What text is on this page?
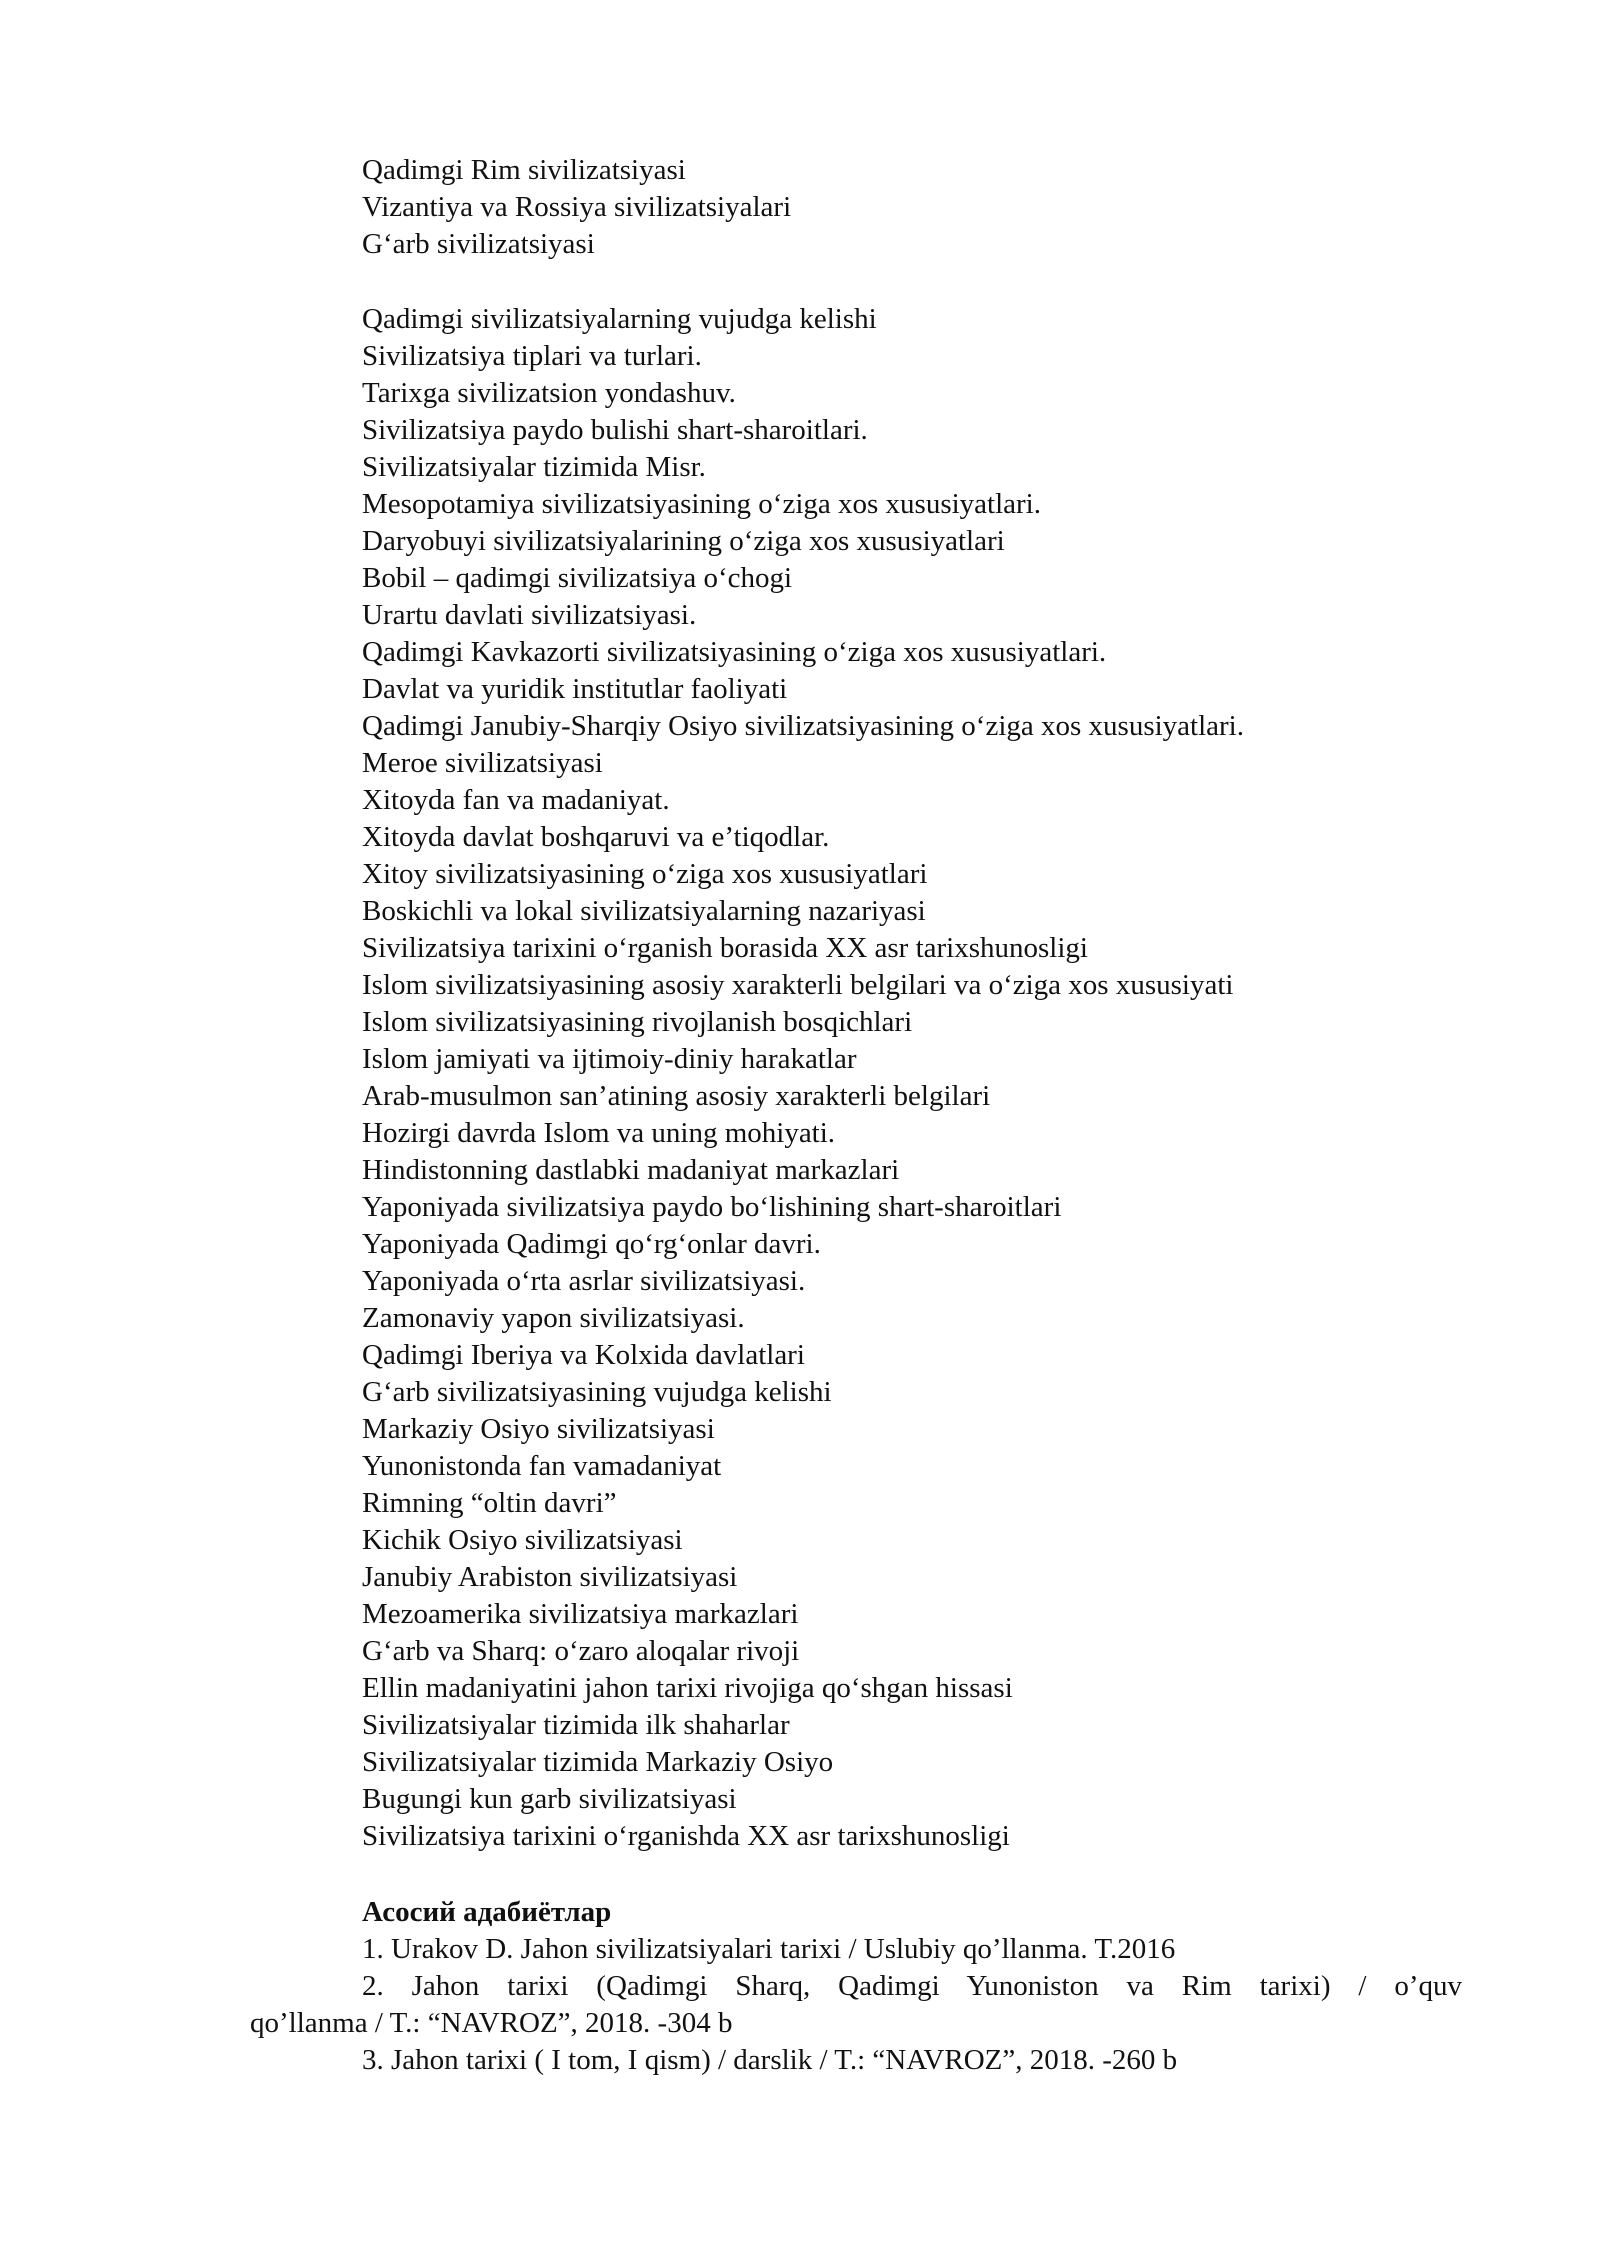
Qadimgi Rim sivilizatsiyasi
Vizantiya va Rossiya sivilizatsiyalari
G‘arb sivilizatsiyasi
Qadimgi sivilizatsiyalarning vujudga kelishi
Sivilizatsiya tiplari va turlari.
Tarixga sivilizatsion yondashuv.
Sivilizatsiya paydo bulishi shart-sharoitlari.
Sivilizatsiyalar tizimida Misr.
Mesopotamiya sivilizatsiyasining o‘ziga xos xususiyatlari.
Daryobuyi sivilizatsiyalarining o‘ziga xos xususiyatlari
Bobil – qadimgi sivilizatsiya o‘chogi
Urartu davlati sivilizatsiyasi.
Qadimgi Kavkazorti sivilizatsiyasining o‘ziga xos xususiyatlari.
Davlat va yuridik institutlar faoliyati
Qadimgi Janubiy-Sharqiy Osiyo sivilizatsiyasining o‘ziga xos xususiyatlari.
Meroe sivilizatsiyasi
Xitoyda fan va madaniyat.
Xitoyda davlat boshqaruvi va e’tiqodlar.
Xitoy sivilizatsiyasining o‘ziga xos xususiyatlari
Boskichli va lokal sivilizatsiyalarning nazariyasi
Sivilizatsiya tarixini o‘rganish borasida XX asr tarixshunosligi
Islom sivilizatsiyasining asosiy xarakterli belgilari va o‘ziga xos xususiyati
Islom sivilizatsiyasining rivojlanish bosqichlari
Islom jamiyati va ijtimoiy-diniy harakatlar
Arab-musulmon san’atining asosiy xarakterli belgilari
Hozirgi davrda Islom va uning mohiyati.
Hindistonning dastlabki madaniyat markazlari
Yaponiyada sivilizatsiya paydo bo‘lishining shart-sharoitlari
Yaponiyada Qadimgi qo‘rg‘onlar davri.
Yaponiyada o‘rta asrlar sivilizatsiyasi.
Zamonaviy yapon sivilizatsiyasi.
Qadimgi Iberiya va Kolxida davlatlari
G‘arb sivilizatsiyasining vujudga kelishi
Markaziy Osiyo sivilizatsiyasi
Yunonistonda fan vamadaniyat
Rimning “oltin davri”
Kichik Osiyo sivilizatsiyasi
Janubiy Arabiston sivilizatsiyasi
Mezoamerika sivilizatsiya markazlari
G‘arb va Sharq: o‘zaro aloqalar rivoji
Ellin madaniyatini jahon tarixi rivojiga qo‘shgan hissasi
Sivilizatsiyalar tizimida ilk shaharlar
Sivilizatsiyalar tizimida Markaziy Osiyo
Bugungi kun garb sivilizatsiyasi
Sivilizatsiya tarixini o‘rganishda XX asr tarixshunosligi
Асосий адабиётлар
1. Urakov D. Jahon sivilizatsiyalari tarixi / Uslubiy qo’llanma. T.2016
2. Jahon tarixi (Qadimgi Sharq, Qadimgi Yunoniston va Rim tarixi) / o’quv
qo’llanma / T.: “NAVROZ”, 2018. -304 b
3. Jahon tarixi ( I tom, I qism) / darslik / T.: “NAVROZ”, 2018. -260 b
